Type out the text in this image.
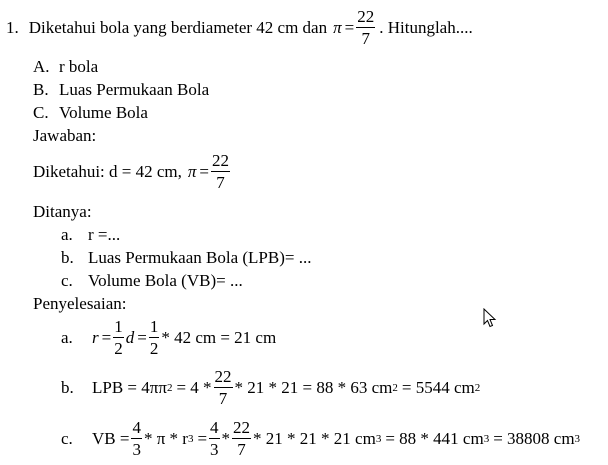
1. Diketahui bola yang berdiameter 42 cm dan $\pi = \frac{22}{7}$ . Hitunglah....
A. r bola
B. Luas Permukaan Bola
C. Volume Bola
Jawaban:
Diketahui: d = 42 cm, $\pi = \frac{22}{7}$
Ditanya:
a. r =...
b. Luas Permukaan Bola (LPB)= ...
c. Volume Bola (VB)= ...
Penyelesaian:
a.	$r = \frac{1}{2}$ $d = \frac{1}{2} * 42$ cm = 21 cm
b.	LPB = 4ππ $2 = 4 * \frac{22}{7} * 21 * 21 = 88 * 63$ cm 2 = 5544 cm 2
c.	VB = $\frac{4}{3}$ * π * r $3 = \frac{4}{3} * \frac{22}{7} * 21 * 21 * 21$ cm 3 = 88 * 441 cm 3 = 38808 cm 3
